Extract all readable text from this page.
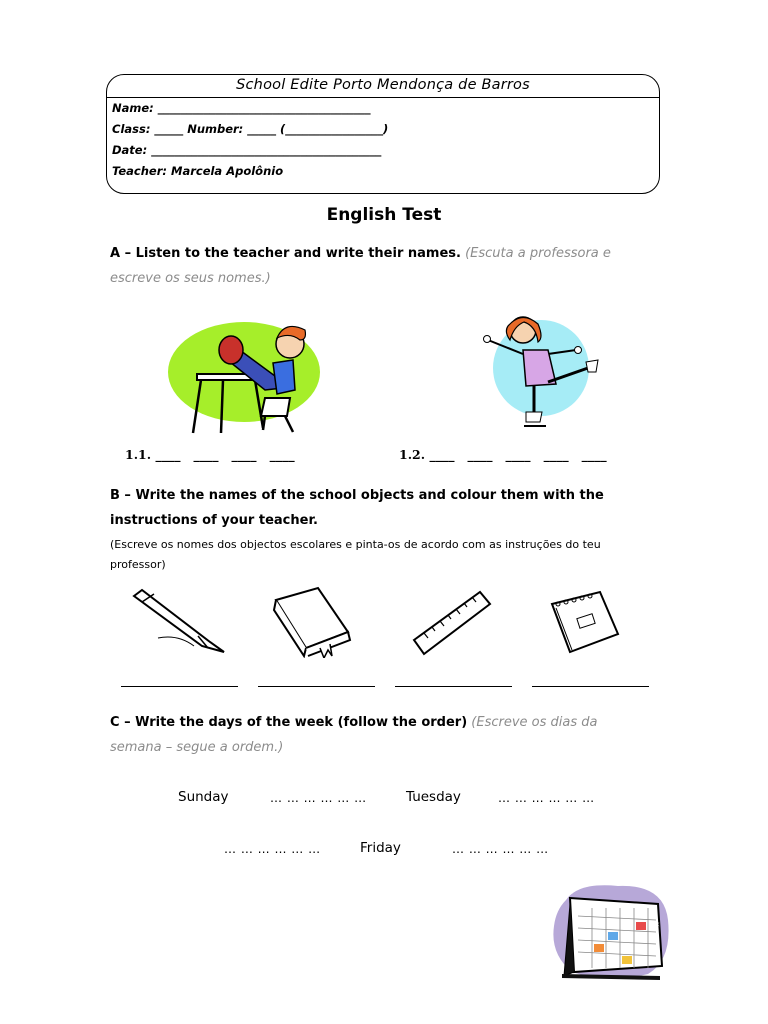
School Edite Porto Mendonça de Barros
Name: _____________________________________
Class: _____ Number: _____ (_________________)
Date: ________________________________________
Teacher: Marcela Apolônio
English Test
A – Listen to the teacher and write their names. (Escuta a professora e escreve os seus nomes.)
1.1. ____   ____   ____   ____	1.2. ____   ____   ____   ____   ____
B – Write the names of the school objects and colour them with the instructions of your teacher.
(Escreve os nomes dos objectos escolares e pinta-os de acordo com as instruções do teu professor)
C – Write the days of the week (follow the order) (Escreve os dias da semana – segue a ordem.)
Sunday	… … … … … …	Tuesday	… … … … … …
… … … … … …	Friday	… … … … … …
✶
✶
